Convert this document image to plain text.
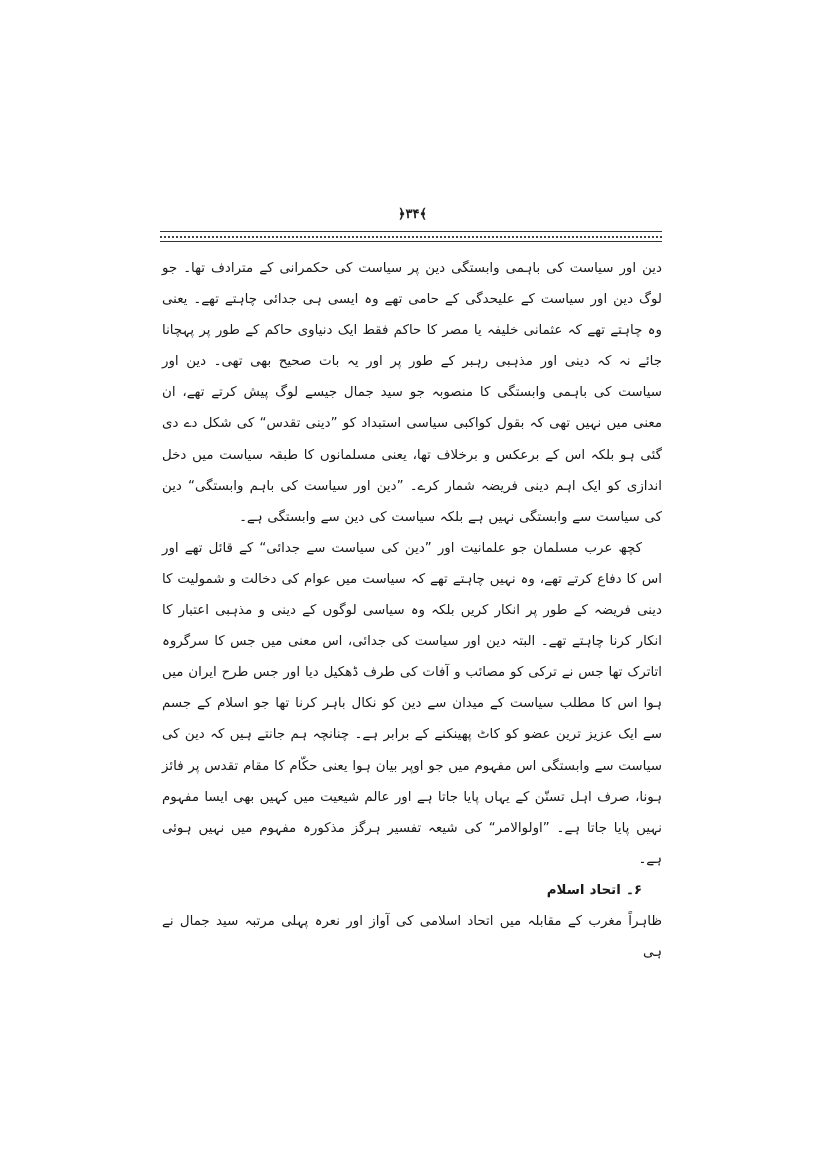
﴾۳۴﴿

دین اور سیاست کی باہمی وابستگی دین پر سیاست کی حکمرانی کے مترادف تھا۔ جو لوگ دین اور سیاست کے علیحدگی کے حامی تھے وہ ایسی ہی جدائی چاہتے تھے۔ یعنی وہ چاہتے تھے کہ عثمانی خلیفہ یا مصر کا حاکم فقط ایک دنیاوی حاکم کے طور پر پہچانا جائے نہ کہ دینی اور مذہبی رہبر کے طور پر اور یہ بات صحیح بھی تھی۔ دین اور سیاست کی باہمی وابستگی کا منصوبہ جو سید جمال جیسے لوگ پیش کرتے تھے، ان معنی میں نہیں تھی کہ بقول کواکبی سیاسی استبداد کو ”دینی تقدس“ کی شکل دے دی گئی ہو بلکہ اس کے برعکس و برخلاف تھا، یعنی مسلمانوں کا طبقہ سیاست میں دخل اندازی کو ایک اہم دینی فریضہ شمار کرے۔ ”دین اور سیاست کی باہم وابستگی“ دین کی سیاست سے وابستگی نہیں ہے بلکہ سیاست کی دین سے وابستگی ہے۔

کچھ عرب مسلمان جو علمانیت اور ”دین کی سیاست سے جدائی“ کے قائل تھے اور اس کا دفاع کرتے تھے، وہ نہیں چاہتے تھے کہ سیاست میں عوام کی دخالت و شمولیت کا دینی فریضہ کے طور پر انکار کریں بلکہ وہ سیاسی لوگوں کے دینی و مذہبی اعتبار کا انکار کرنا چاہتے تھے۔ البتہ دین اور سیاست کی جدائی، اس معنی میں جس کا سرگروہ اتاترک تھا جس نے ترکی کو مصائب و آفات کی طرف ڈھکیل دیا اور جس طرح ایران میں ہوا اس کا مطلب سیاست کے میدان سے دین کو نکال باہر کرنا تھا جو اسلام کے جسم سے ایک عزیز ترین عضو کو کاٹ پھینکنے کے برابر ہے۔ چنانچہ ہم جانتے ہیں کہ دین کی سیاست سے وابستگی اس مفہوم میں جو اوپر بیان ہوا یعنی حکّام کا مقام تقدس پر فائز ہونا، صرف اہل تسنّن کے یہاں پایا جاتا ہے اور عالم شیعیت میں کہیں بھی ایسا مفہوم نہیں پایا جاتا ہے۔ ”اولوالامر“ کی شیعہ تفسیر ہرگز مذکورہ مفہوم میں نہیں ہوئی ہے۔

۶۔ اتحاد اسلام

ظاہراً مغرب کے مقابلہ میں اتحاد اسلامی کی آواز اور نعرہ پہلی مرتبہ سید جمال نے ہی
